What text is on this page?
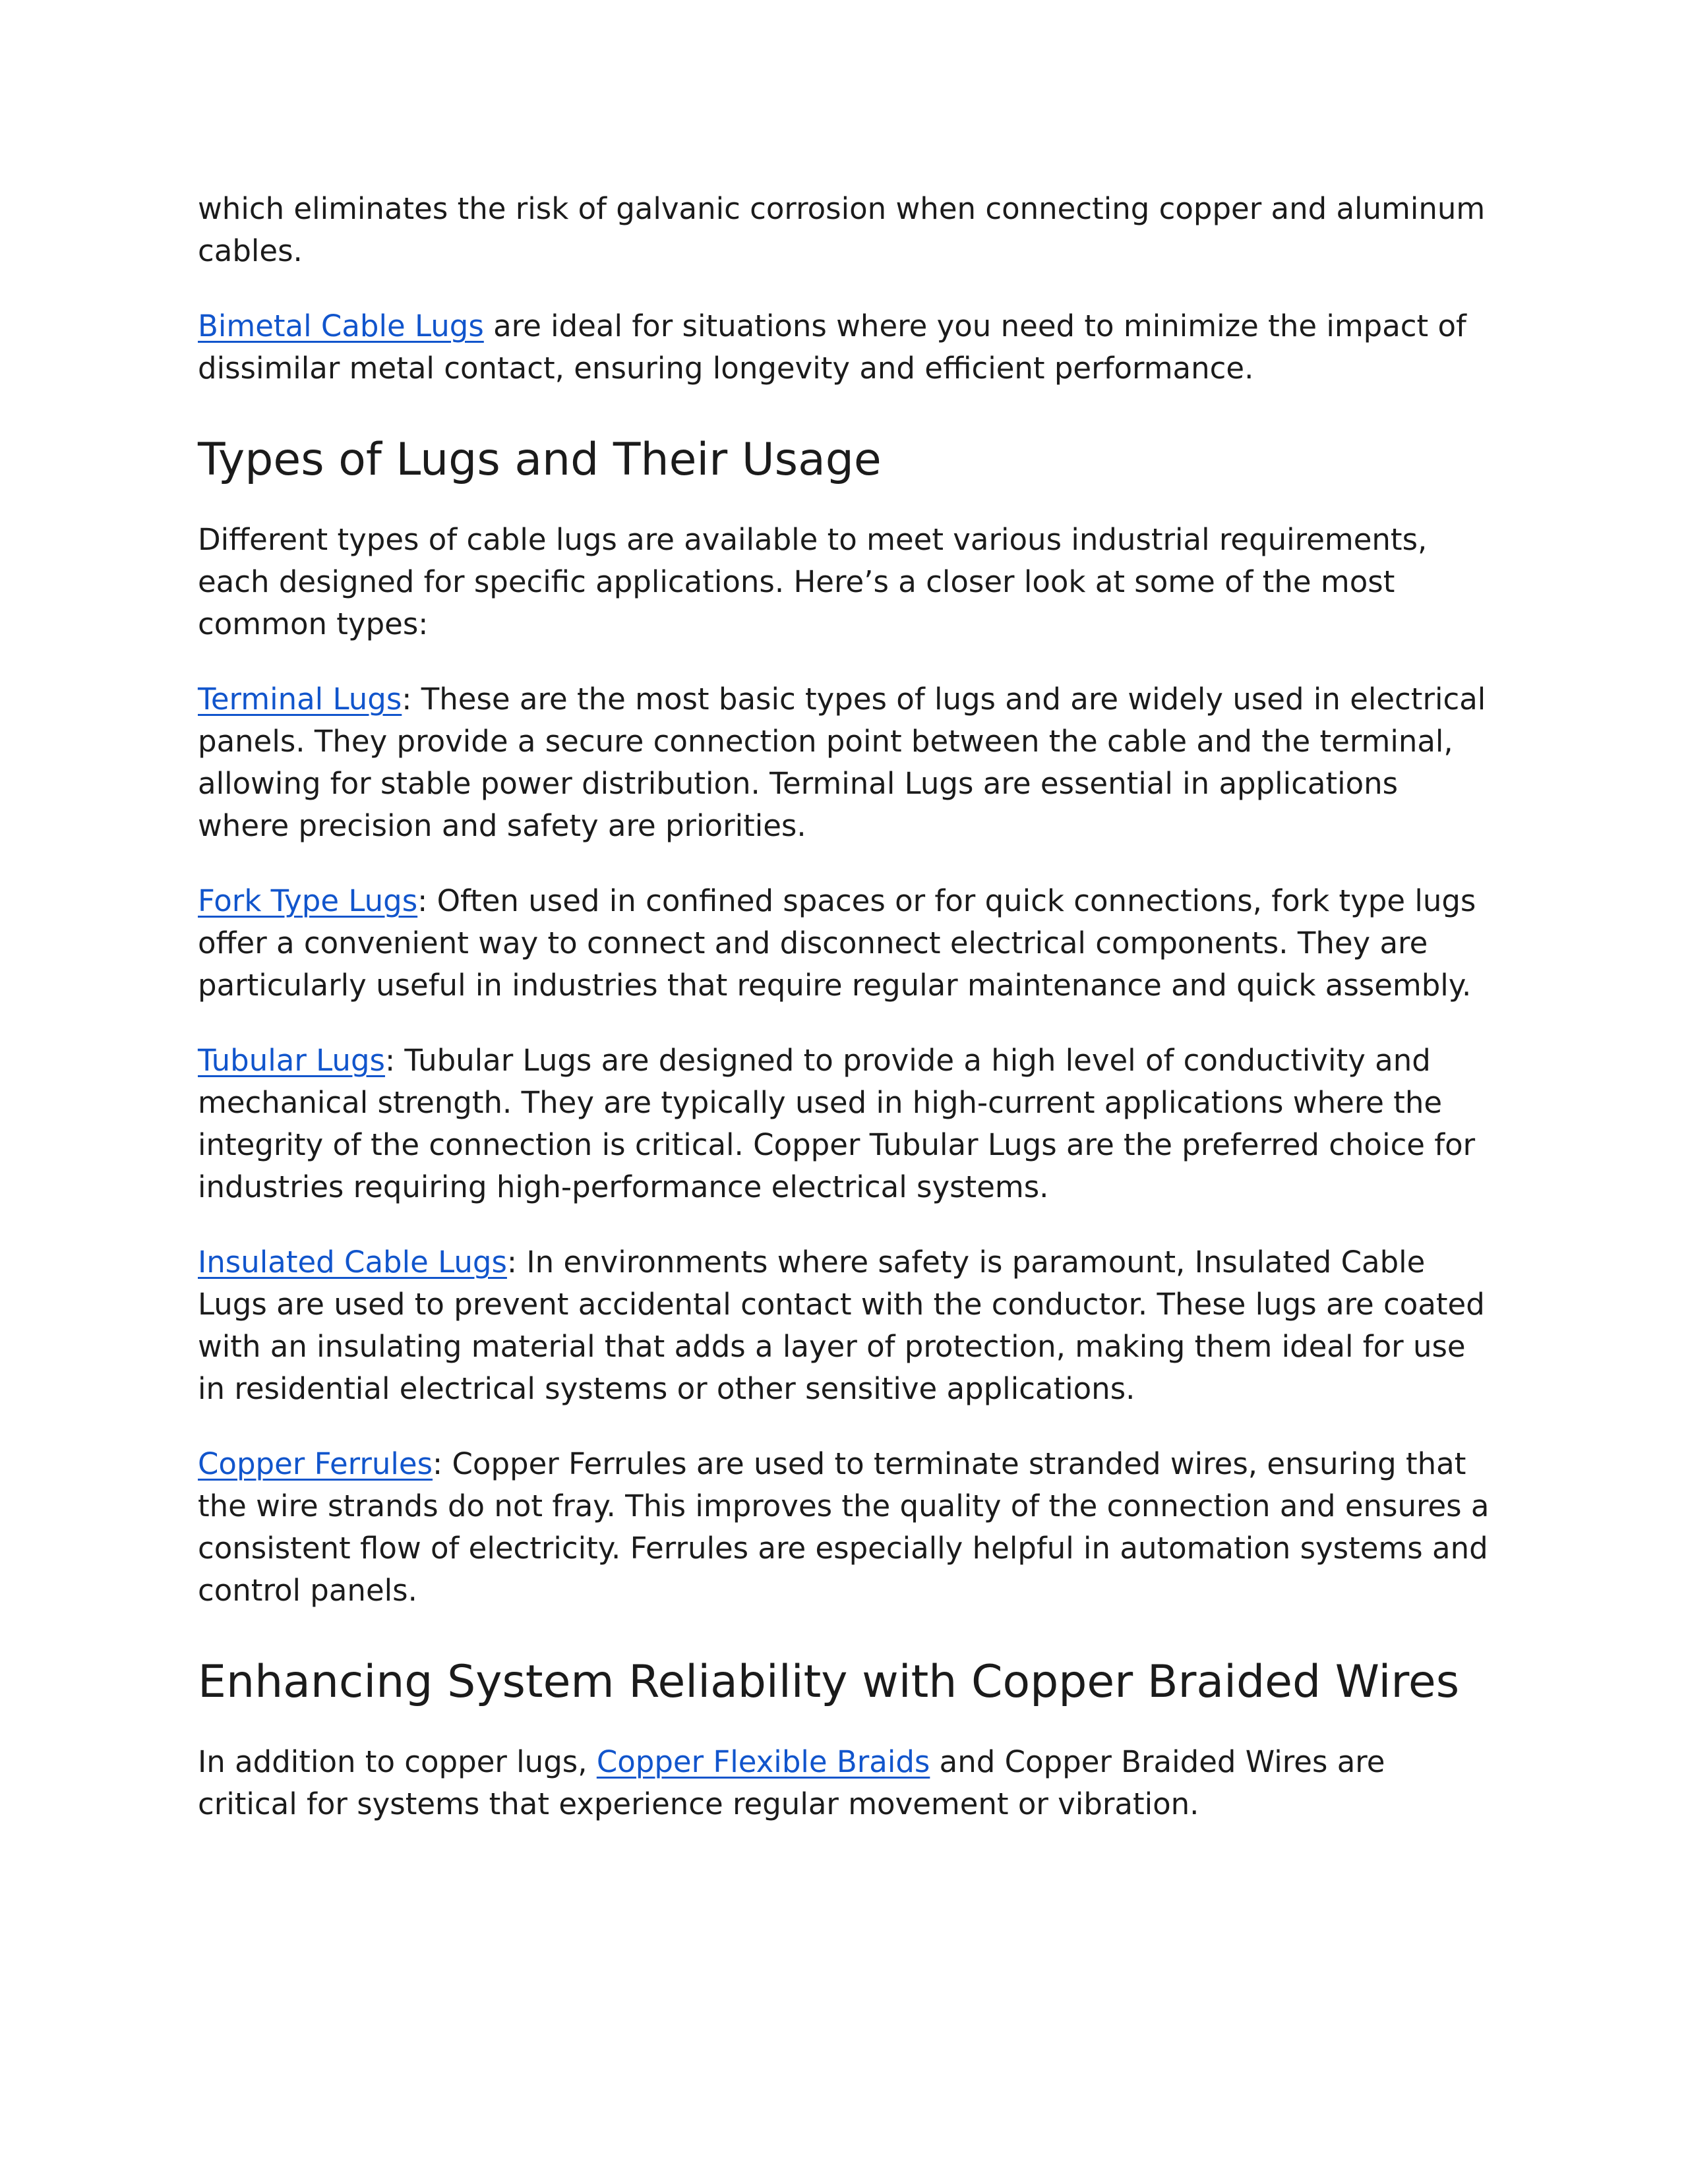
which eliminates the risk of galvanic corrosion when connecting copper and aluminum cables.

Bimetal Cable Lugs are ideal for situations where you need to minimize the impact of dissimilar metal contact, ensuring longevity and efficient performance.

Types of Lugs and Their Usage

Different types of cable lugs are available to meet various industrial requirements, each designed for specific applications. Here’s a closer look at some of the most common types:

Terminal Lugs: These are the most basic types of lugs and are widely used in electrical panels. They provide a secure connection point between the cable and the terminal, allowing for stable power distribution. Terminal Lugs are essential in applications where precision and safety are priorities.

Fork Type Lugs: Often used in confined spaces or for quick connections, fork type lugs offer a convenient way to connect and disconnect electrical components. They are particularly useful in industries that require regular maintenance and quick assembly.

Tubular Lugs: Tubular Lugs are designed to provide a high level of conductivity and mechanical strength. They are typically used in high-current applications where the integrity of the connection is critical. Copper Tubular Lugs are the preferred choice for industries requiring high-performance electrical systems.

Insulated Cable Lugs: In environments where safety is paramount, Insulated Cable Lugs are used to prevent accidental contact with the conductor. These lugs are coated with an insulating material that adds a layer of protection, making them ideal for use in residential electrical systems or other sensitive applications.

Copper Ferrules: Copper Ferrules are used to terminate stranded wires, ensuring that the wire strands do not fray. This improves the quality of the connection and ensures a consistent flow of electricity. Ferrules are especially helpful in automation systems and control panels.

Enhancing System Reliability with Copper Braided Wires

In addition to copper lugs, Copper Flexible Braids and Copper Braided Wires are critical for systems that experience regular movement or vibration.
